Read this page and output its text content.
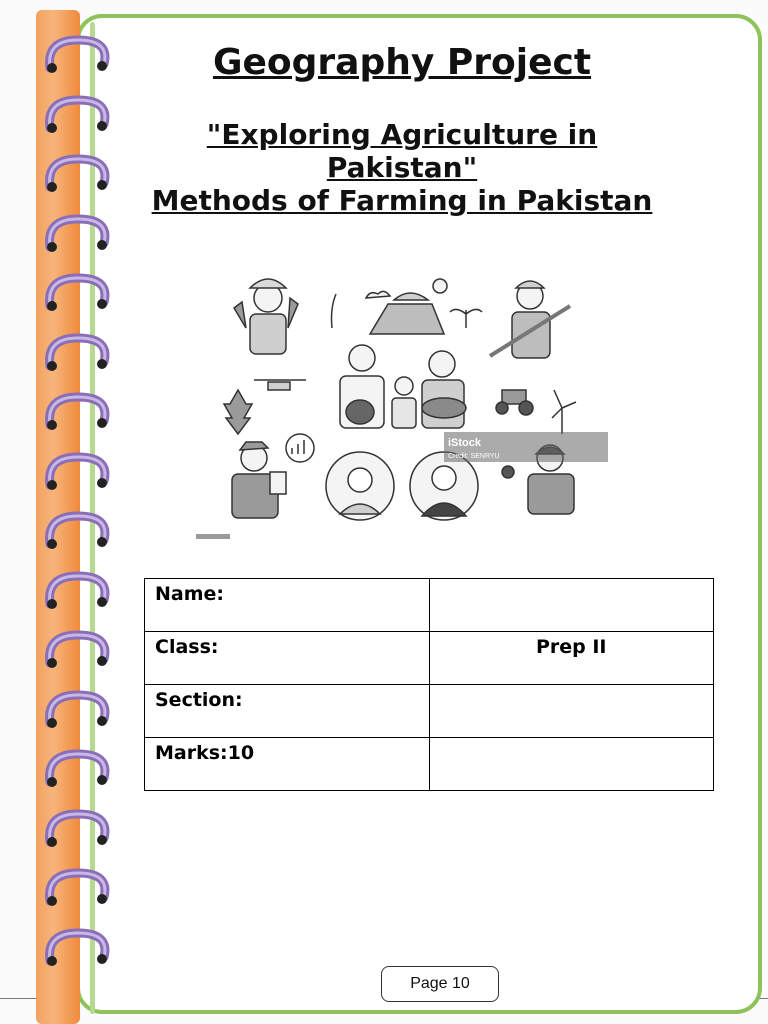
Geography Project
"Exploring Agriculture in Pakistan"
Methods of Farming in Pakistan
iStock
Credit: SENRYU
Name:	
Class:	Prep II
Section:	
Marks:10	
Page 10
